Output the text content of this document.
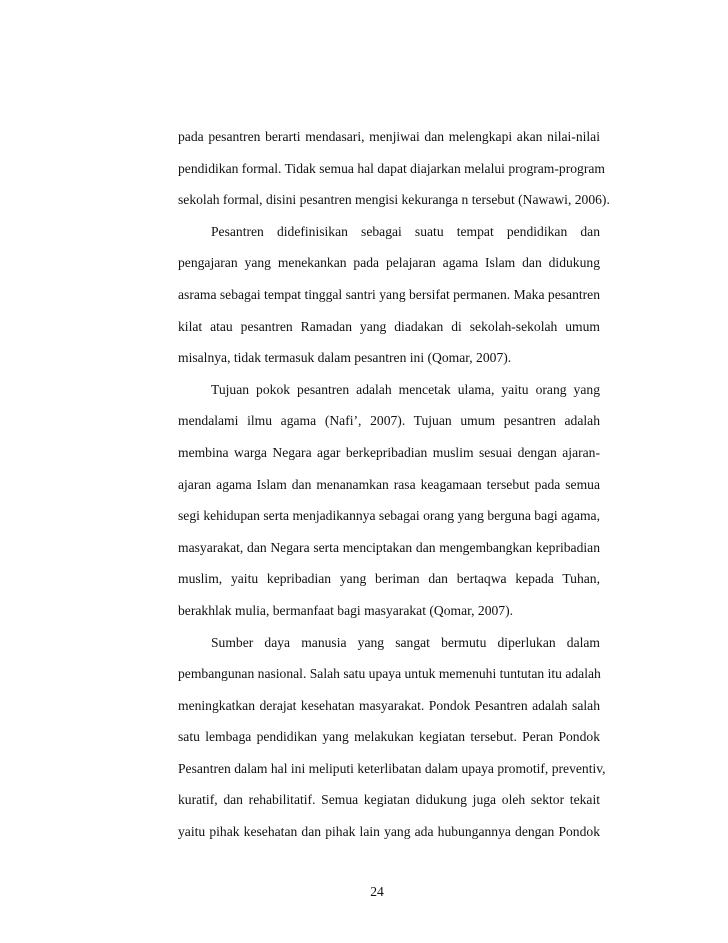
pada pesantren berarti mendasari, menjiwai dan melengkapi akan nilai-nilai
pendidikan formal. Tidak semua hal dapat diajarkan melalui program-program
sekolah formal, disini pesantren mengisi kekuranga n tersebut (Nawawi, 2006).
Pesantren didefinisikan sebagai suatu tempat pendidikan dan
pengajaran yang menekankan pada pelajaran agama Islam dan didukung
asrama sebagai tempat tinggal santri yang bersifat permanen. Maka pesantren
kilat atau pesantren Ramadan yang diadakan di sekolah-sekolah umum
misalnya, tidak termasuk dalam pesantren ini (Qomar, 2007).
Tujuan pokok pesantren adalah mencetak ulama, yaitu orang yang
mendalami ilmu agama (Nafi’, 2007). Tujuan umum pesantren adalah
membina warga Negara agar berkepribadian muslim sesuai dengan ajaran-
ajaran agama Islam dan menanamkan rasa keagamaan tersebut pada semua
segi kehidupan serta menjadikannya sebagai orang yang berguna bagi agama,
masyarakat, dan Negara serta menciptakan dan mengembangkan kepribadian
muslim, yaitu kepribadian yang beriman dan bertaqwa kepada Tuhan,
berakhlak mulia, bermanfaat bagi masyarakat (Qomar, 2007).
Sumber daya manusia yang sangat bermutu diperlukan dalam
pembangunan nasional. Salah satu upaya untuk memenuhi tuntutan itu adalah
meningkatkan derajat kesehatan masyarakat. Pondok Pesantren adalah salah
satu lembaga pendidikan yang melakukan kegiatan tersebut. Peran Pondok
Pesantren dalam hal ini meliputi keterlibatan dalam upaya promotif, preventiv,
kuratif, dan rehabilitatif. Semua kegiatan didukung juga oleh sektor tekait
yaitu pihak kesehatan dan pihak lain yang ada hubungannya dengan Pondok
24
